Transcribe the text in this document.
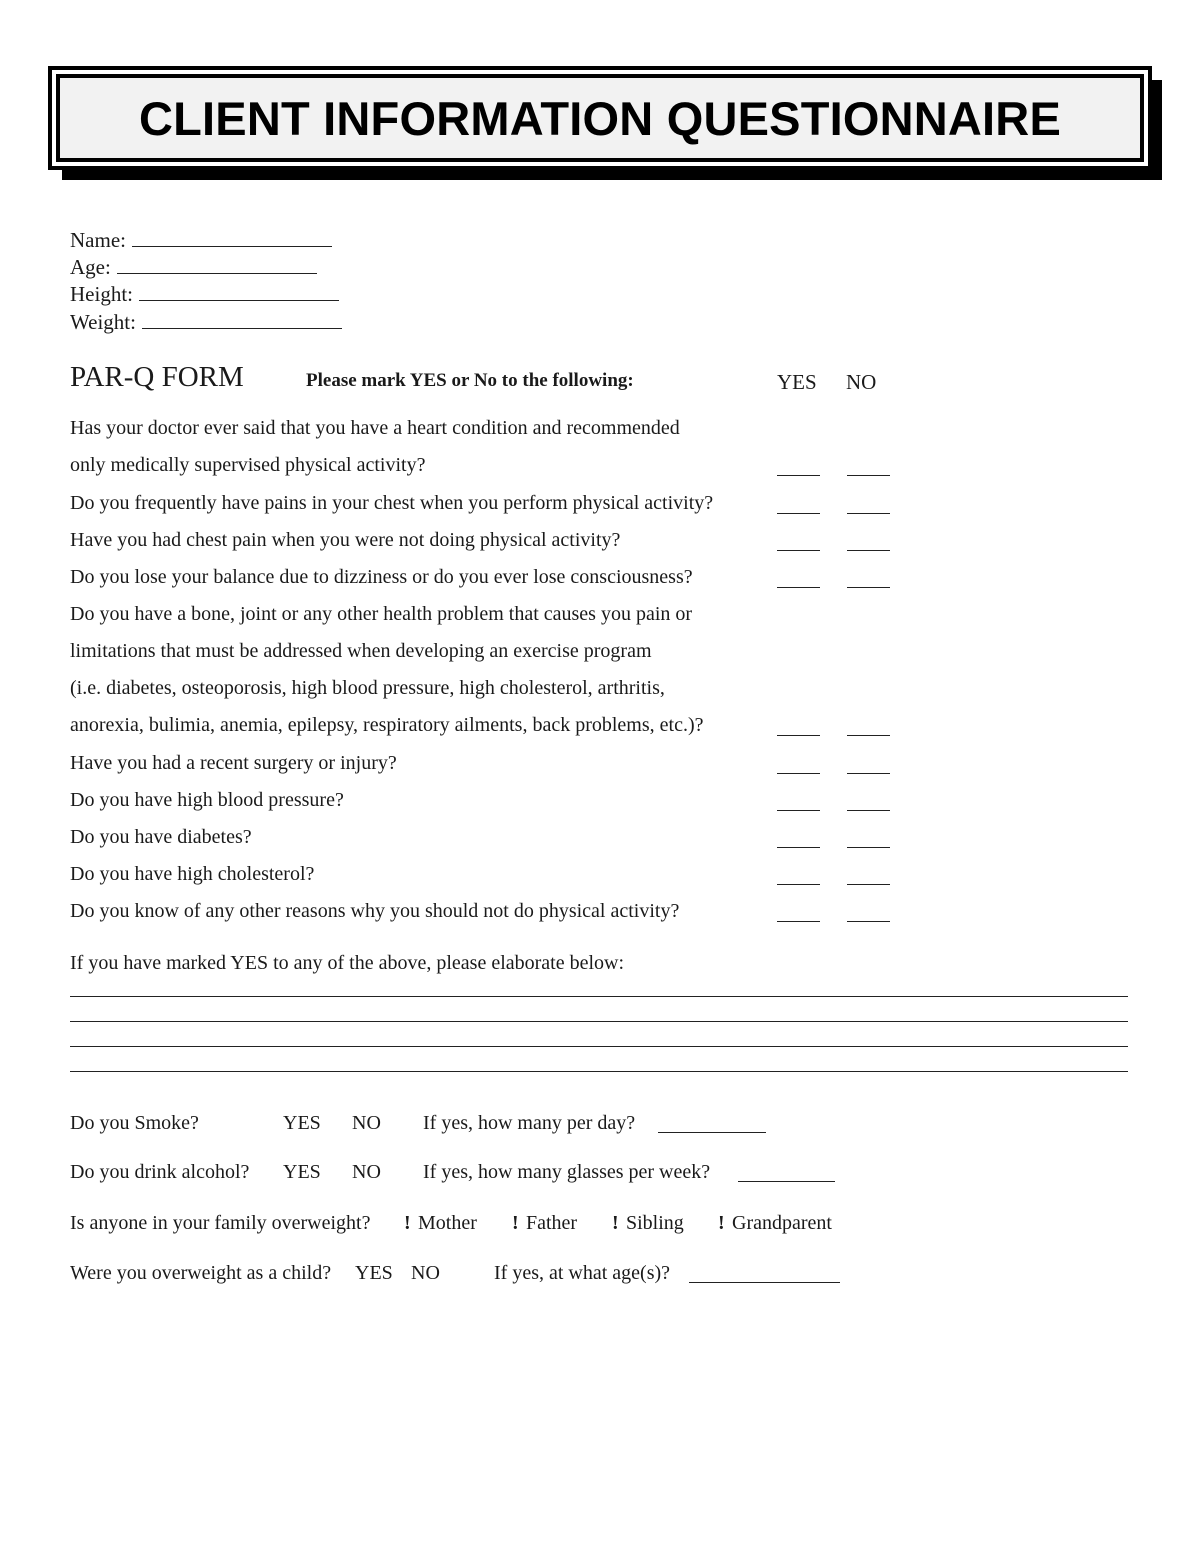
CLIENT INFORMATION QUESTIONNAIRE
Name:
Age:
Height:
Weight:
PAR-Q FORM	Please mark YES or No to the following:	YES NO
Has your doctor ever said that you have a heart condition and recommended
only medically supervised physical activity?
Do you frequently have pains in your chest when you perform physical activity?
Have you had chest pain when you were not doing physical activity?
Do you lose your balance due to dizziness or do you ever lose consciousness?
Do you have a bone, joint or any other health problem that causes you pain or
limitations that must be addressed when developing an exercise program
(i.e. diabetes, osteoporosis, high blood pressure, high cholesterol, arthritis,
anorexia, bulimia, anemia, epilepsy, respiratory ailments, back problems, etc.)?
Have you had a recent surgery or injury?
Do you have high blood pressure?
Do you have diabetes?
Do you have high cholesterol?
Do you know of any other reasons why you should not do physical activity?
If you have marked YES to any of the above, please elaborate below:
Do you Smoke?	YES NO If yes, how many per day?
Do you drink alcohol? YES NO If yes, how many glasses per week?
Is anyone in your family overweight? ! Mother ! Father ! Sibling ! Grandparent
Were you overweight as a child? YES NO	If yes, at what age(s)?
